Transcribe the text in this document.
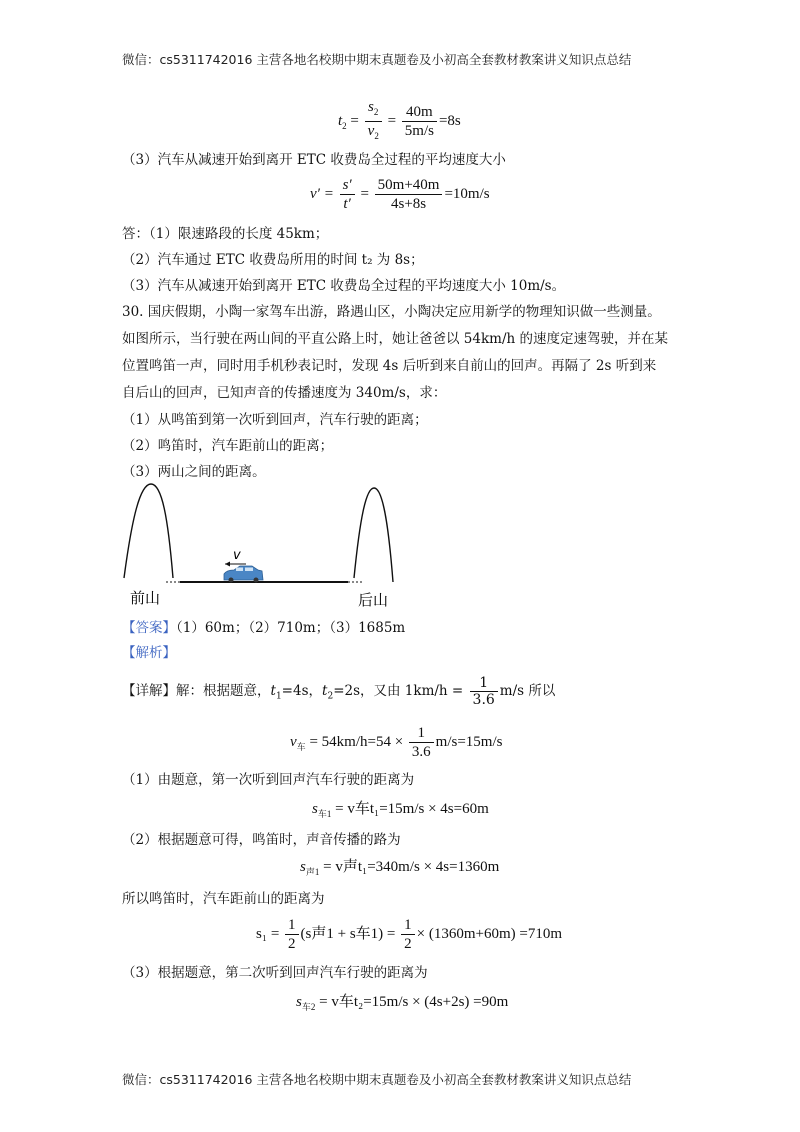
微信：cs5311742016 主营各地名校期中期末真题卷及小初高全套教材教案讲义知识点总结
$t_2 = \frac{s_2}{v_2} = \frac{40m}{5m/s} =8s$
（3）汽车从减速开始到离开 ETC 收费岛全过程的平均速度大小
$v' = \frac{s'}{t'} = \frac{50m+40m}{4s+8s} =10m/s$
答：（1）限速路段的长度 45km；
（2）汽车通过 ETC 收费岛所用的时间 t₂ 为 8s；
（3）汽车从减速开始到离开 ETC 收费岛全过程的平均速度大小 10m/s。
30. 国庆假期，小陶一家驾车出游，路遇山区，小陶决定应用新学的物理知识做一些测量。
如图所示，当行驶在两山间的平直公路上时，她让爸爸以 54km/h 的速度定速驾驶，并在某
位置鸣笛一声，同时用手机秒表记时，发现 4s 后听到来自前山的回声。再隔了 2s 听到来
自后山的回声，已知声音的传播速度为 340m/s，求：
（1）从鸣笛到第一次听到回声，汽车行驶的距离；
（2）鸣笛时，汽车距前山的距离；
（3）两山之间的距离。
v
前山	后山
【答案】（1）60m；（2）710m；（3）1685m
【解析】
【详解】解：根据题意，$t_1=4s$，$t_2=2s$，又由 $1km/h = \frac{1}{3.6} m/s$ 所以
$v_车 = 54km/h=54 \times \frac{1}{3.6} m/s=15m/s$
（1）由题意，第一次听到回声汽车行驶的距离为
$s_{车1} = v$车t₁=15m/s × 4s=60m
（2）根据题意可得，鸣笛时，声音传播的路为
$s_{声1} = v$声t₁=340m/s × 4s=1360m
所以鸣笛时，汽车距前山的距离为
$s_1 = \frac{1}{2} (s$声1 + s车$1) = \frac{1}{2} \times (1360m+60m) =710m$
（3）根据题意，第二次听到回声汽车行驶的距离为
$s_{车2} = v$车t₂=15m/s × (4s+2s) =90m
微信：cs5311742016 主营各地名校期中期末真题卷及小初高全套教材教案讲义知识点总结
